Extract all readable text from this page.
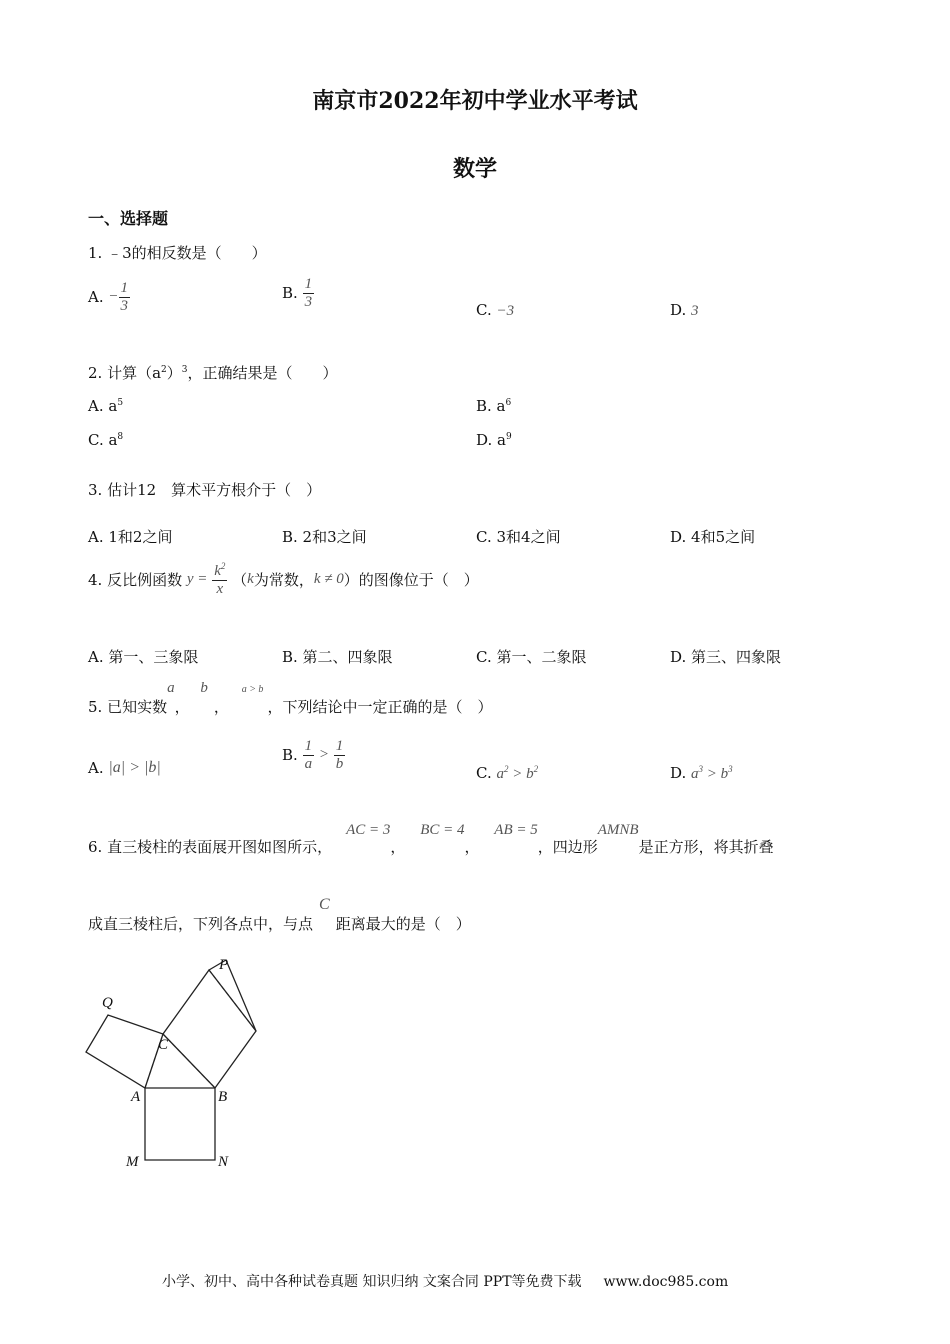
南京市2022年初中学业水平考试
数学
一、选择题
1. ﹣3的相反数是（　　）
A. − $\frac{1}{3}$	B. $\frac{1}{3}$	C. −3	D. 3
2. 计算$(a^2)^3$，正确结果是（　　）
A. $a^5$	B. $a^6$
C. $a^8$	D. $a^9$
3. 估计12　算术平方根介于（　）
A. 1和2之间	B. 2和3之间	C. 3和4之间	D. 4和5之间
4. 反比例函数 $y = \frac{k^2}{x} (k$为常数，k ≠ 0）的图像位于（　）
A. 第一、三象限	B. 第二、四象限	C. 第一、二象限	D. 第三、四象限
5. 已知实数a， b， $^{a > b}$，下列结论中一定正确的是（　）
A. |a| > |b|
B. $\frac{1}{a} > \frac{1}{b}$
C. $a^2 > b^2$	D. $a^3 > b^3$
6. 直三棱柱的表面展开图如图所示，AC = 3， BC = 4， AB = 5，四边形AMNB是正方形，将其折叠
成直三棱柱后，下列各点中，与点C距离最大的是（　）
P
Q
C
A	B
M	N
小学、初中、高中各种试卷真题 知识归纳 文案合同 PPT等免费下载 www.doc985.com
